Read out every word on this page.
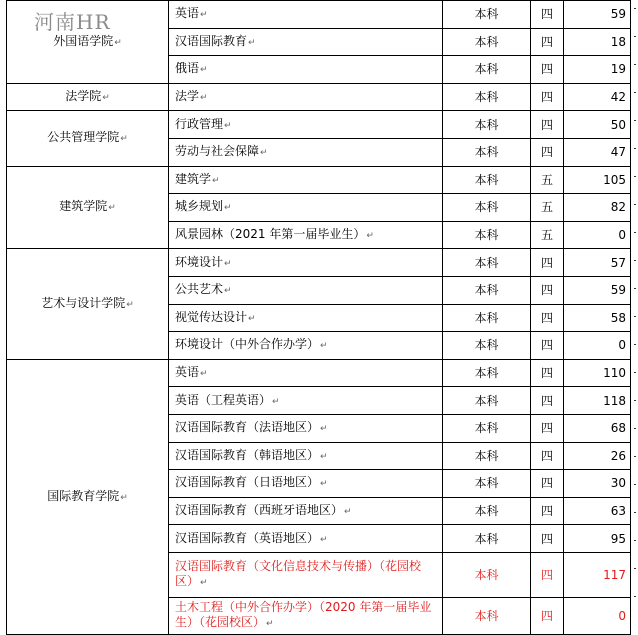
河南HR
外国语学院↵	英语↵	本科	四	59
	汉语国际教育↵	本科	四	18
	俄语↵	本科	四	19
法学院↵	法学↵	本科	四	42
公共管理学院↵	行政管理↵	本科	四	50
	劳动与社会保障↵	本科	四	47
建筑学院↵	建筑学↵	本科	五	105
	城乡规划↵	本科	五	82
	风景园林（2021 年第一届毕业生）↵	本科	五	0
艺术与设计学院↵	环境设计↵	本科	四	57
	公共艺术↵	本科	四	59
	视觉传达设计↵	本科	四	58
	环境设计（中外合作办学）↵	本科	四	0
国际教育学院↵	英语↵	本科	四	110
	英语（工程英语）↵	本科	四	118
	汉语国际教育（法语地区）↵	本科	四	68
	汉语国际教育（韩语地区）↵	本科	四	26
	汉语国际教育（日语地区）↵	本科	四	30
	汉语国际教育（西班牙语地区）↵	本科	四	63
	汉语国际教育（英语地区）↵	本科	四	95
	汉语国际教育（文化信息技术与传播）（花园校区）↵	本科	四	117
	土木工程（中外合作办学）（2020 年第一届毕业生）（花园校区）↵	本科	四	0
